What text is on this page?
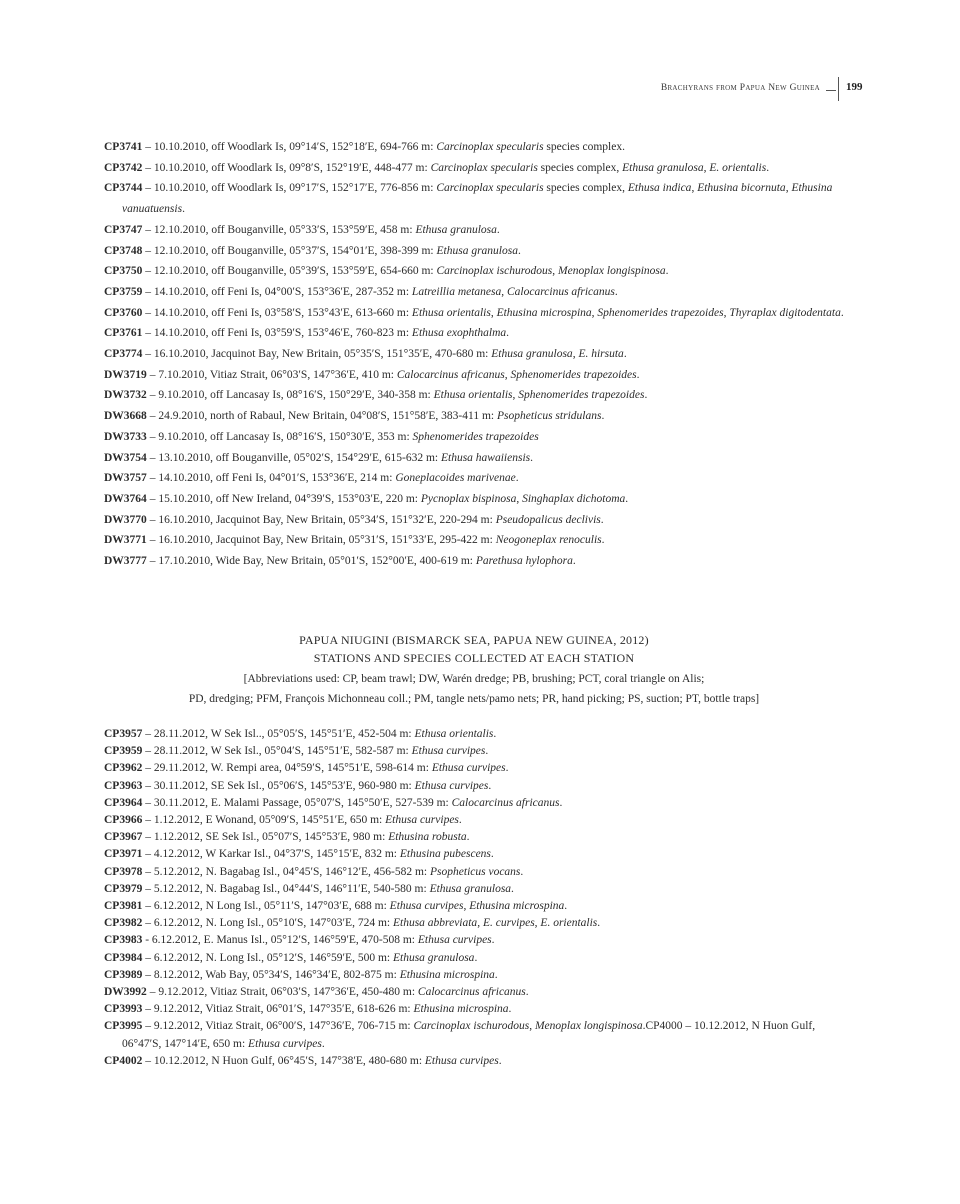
Brachyrans from Papua New Guinea 199
CP3741 – 10.10.2010, off Woodlark Is, 09°14′S, 152°18′E, 694-766 m: Carcinoplax specularis species complex.
CP3742 – 10.10.2010, off Woodlark Is, 09°8′S, 152°19′E, 448-477 m: Carcinoplax specularis species complex, Ethusa granulosa, E. orientalis.
CP3744 – 10.10.2010, off Woodlark Is, 09°17′S, 152°17′E, 776-856 m: Carcinoplax specularis species complex, Ethusa indica, Ethusina bicornuta, Ethusina vanuatuensis.
CP3747 – 12.10.2010, off Bouganville, 05°33′S, 153°59′E, 458 m: Ethusa granulosa.
CP3748 – 12.10.2010, off Bouganville, 05°37′S, 154°01′E, 398-399 m: Ethusa granulosa.
CP3750 – 12.10.2010, off Bouganville, 05°39′S, 153°59′E, 654-660 m: Carcinoplax ischurodous, Menoplax longispinosa.
CP3759 – 14.10.2010, off Feni Is, 04°00′S, 153°36′E, 287-352 m: Latreillia metanesa, Calocarcinus africanus.
CP3760 – 14.10.2010, off Feni Is, 03°58′S, 153°43′E, 613-660 m: Ethusa orientalis, Ethusina microspina, Sphenomerides trapezoides, Thyraplax digitodentata.
CP3761 – 14.10.2010, off Feni Is, 03°59′S, 153°46′E, 760-823 m: Ethusa exophthalma.
CP3774 – 16.10.2010, Jacquinot Bay, New Britain, 05°35′S, 151°35′E, 470-680 m: Ethusa granulosa, E. hirsuta.
DW3719 – 7.10.2010, Vitiaz Strait, 06°03′S, 147°36′E, 410 m: Calocarcinus africanus, Sphenomerides trapezoides.
DW3732 – 9.10.2010, off Lancasay Is, 08°16′S, 150°29′E, 340-358 m: Ethusa orientalis, Sphenomerides trapezoides.
DW3668 – 24.9.2010, north of Rabaul, New Britain, 04°08′S, 151°58′E, 383-411 m: Psopheticus stridulans.
DW3733 – 9.10.2010, off Lancasay Is, 08°16′S, 150°30′E, 353 m: Sphenomerides trapezoides
DW3754 – 13.10.2010, off Bouganville, 05°02′S, 154°29′E, 615-632 m: Ethusa hawaiiensis.
DW3757 – 14.10.2010, off Feni Is, 04°01′S, 153°36′E, 214 m: Goneplacoides marivenae.
DW3764 – 15.10.2010, off New Ireland, 04°39′S, 153°03′E, 220 m: Pycnoplax bispinosa, Singhaplax dichotoma.
DW3770 – 16.10.2010, Jacquinot Bay, New Britain, 05°34′S, 151°32′E, 220-294 m: Pseudopalicus declivis.
DW3771 – 16.10.2010, Jacquinot Bay, New Britain, 05°31′S, 151°33′E, 295-422 m: Neogoneplax renoculis.
DW3777 – 17.10.2010, Wide Bay, New Britain, 05°01′S, 152°00′E, 400-619 m: Parethusa hylophora.
PAPUA NIUGINI (BISMARCK SEA, PAPUA NEW GUINEA, 2012)
STATIONS AND SPECIES COLLECTED AT EACH STATION
[Abbreviations used: CP, beam trawl; DW, Warén dredge; PB, brushing; PCT, coral triangle on Alis;
PD, dredging; PFM, François Michonneau coll.; PM, tangle nets/pamo nets; PR, hand picking; PS, suction; PT, bottle traps]
CP3957 – 28.11.2012, W Sek Isl.., 05°05′S, 145°51′E, 452-504 m: Ethusa orientalis.
CP3959 – 28.11.2012, W Sek Isl., 05°04′S, 145°51′E, 582-587 m: Ethusa curvipes.
CP3962 – 29.11.2012, W. Rempi area, 04°59′S, 145°51′E, 598-614 m: Ethusa curvipes.
CP3963 – 30.11.2012, SE Sek Isl., 05°06′S, 145°53′E, 960-980 m: Ethusa curvipes.
CP3964 – 30.11.2012, E. Malami Passage, 05°07′S, 145°50′E, 527-539 m: Calocarcinus africanus.
CP3966 – 1.12.2012, E Wonand, 05°09′S, 145°51′E, 650 m: Ethusa curvipes.
CP3967 – 1.12.2012, SE Sek Isl., 05°07′S, 145°53′E, 980 m: Ethusina robusta.
CP3971 – 4.12.2012, W Karkar Isl., 04°37′S, 145°15′E, 832 m: Ethusina pubescens.
CP3978 – 5.12.2012, N. Bagabag Isl., 04°45′S, 146°12′E, 456-582 m: Psopheticus vocans.
CP3979 – 5.12.2012, N. Bagabag Isl., 04°44′S, 146°11′E, 540-580 m: Ethusa granulosa.
CP3981 – 6.12.2012, N Long Isl., 05°11′S, 147°03′E, 688 m: Ethusa curvipes, Ethusina microspina.
CP3982 – 6.12.2012, N. Long Isl., 05°10′S, 147°03′E, 724 m: Ethusa abbreviata, E. curvipes, E. orientalis.
CP3983 - 6.12.2012, E. Manus Isl., 05°12′S, 146°59′E, 470-508 m: Ethusa curvipes.
CP3984 – 6.12.2012, N. Long Isl., 05°12′S, 146°59′E, 500 m: Ethusa granulosa.
CP3989 – 8.12.2012, Wab Bay, 05°34′S, 146°34′E, 802-875 m: Ethusina microspina.
DW3992 – 9.12.2012, Vitiaz Strait, 06°03′S, 147°36′E, 450-480 m: Calocarcinus africanus.
CP3993 – 9.12.2012, Vitiaz Strait, 06°01′S, 147°35′E, 618-626 m: Ethusina microspina.
CP3995 – 9.12.2012, Vitiaz Strait, 06°00′S, 147°36′E, 706-715 m: Carcinoplax ischurodous, Menoplax longispinosa.CP4000 – 10.12.2012, N Huon Gulf, 06°47′S, 147°14′E, 650 m: Ethusa curvipes.
CP4002 – 10.12.2012, N Huon Gulf, 06°45′S, 147°38′E, 480-680 m: Ethusa curvipes.
